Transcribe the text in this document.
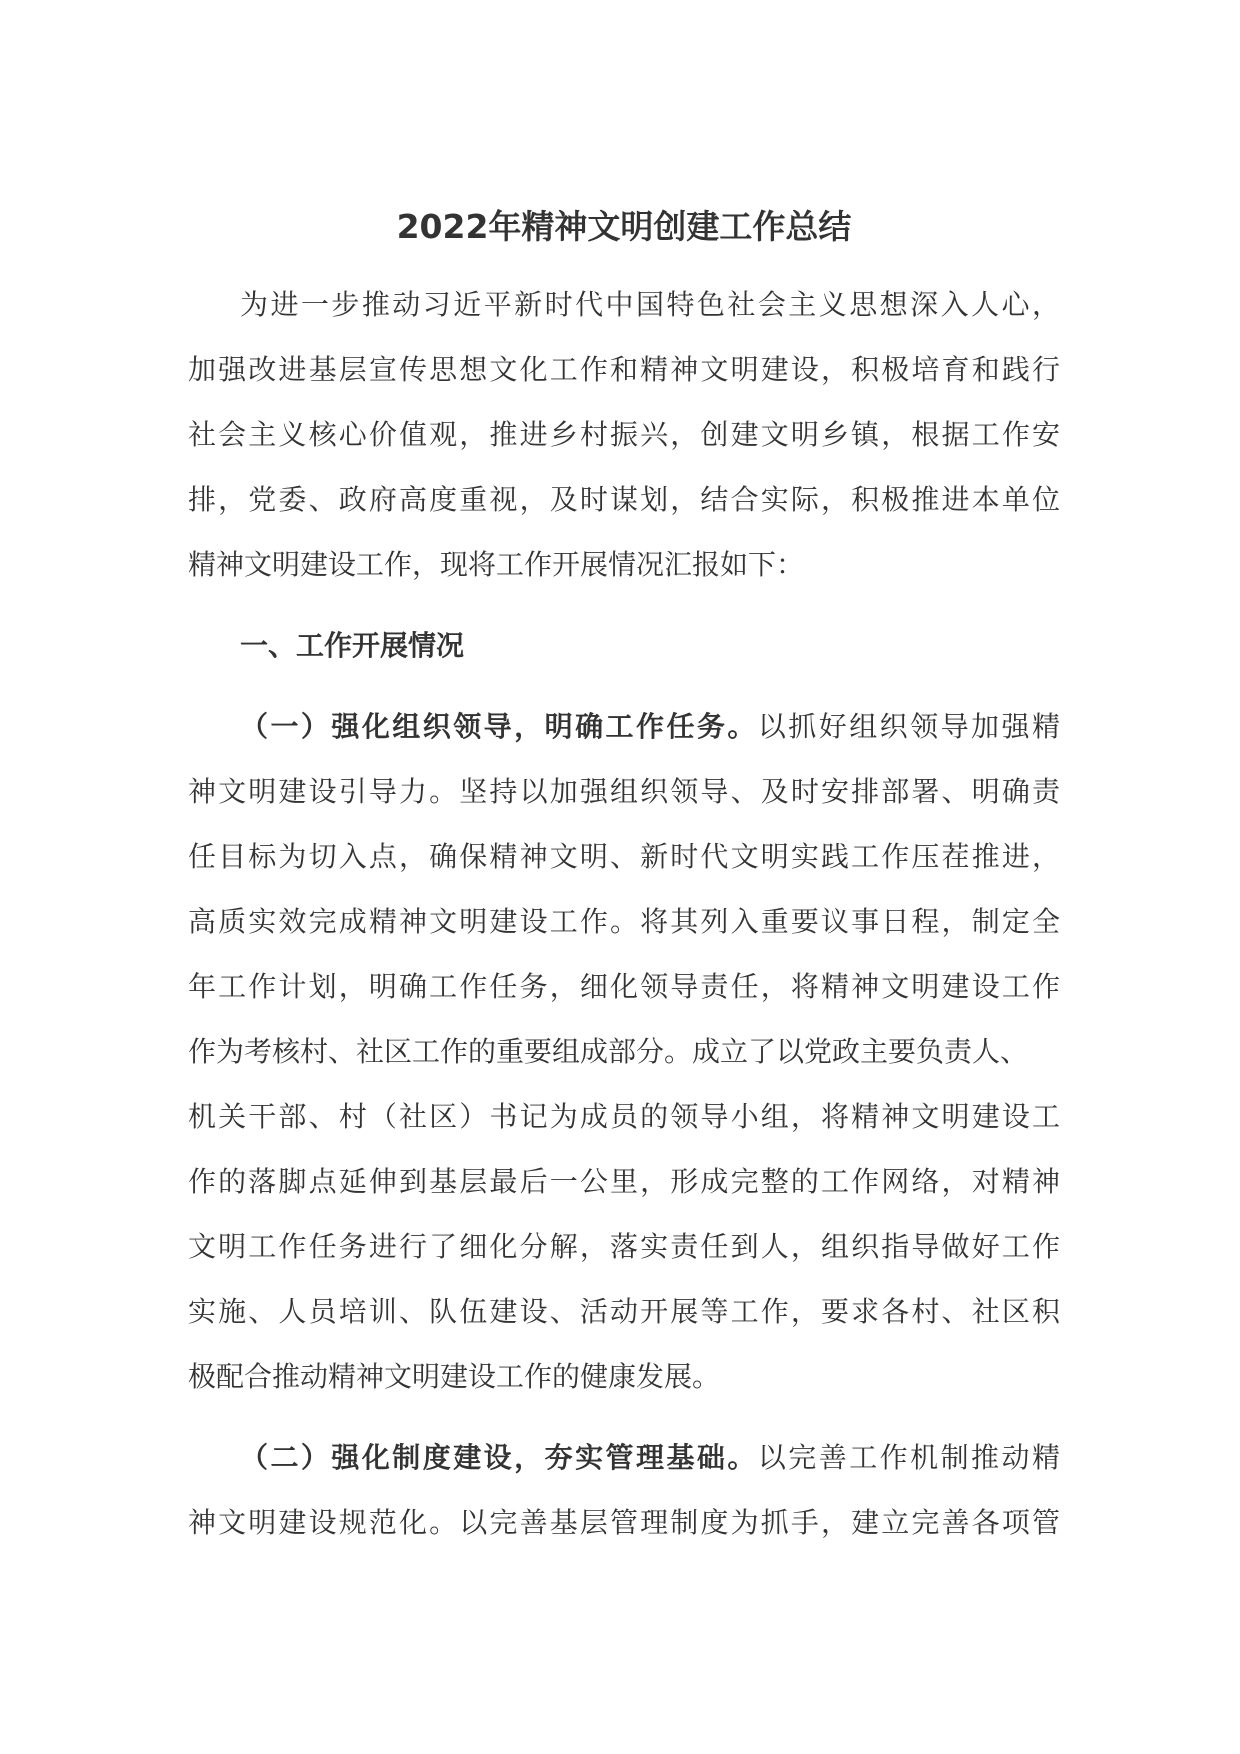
2022年精神文明创建工作总结
为进一步推动习近平新时代中国特色社会主义思想深入人心，
加强改进基层宣传思想文化工作和精神文明建设，积极培育和践行
社会主义核心价值观，推进乡村振兴，创建文明乡镇，根据工作安
排，党委、政府高度重视，及时谋划，结合实际，积极推进本单位
精神文明建设工作，现将工作开展情况汇报如下：
一、工作开展情况
（一）强化组织领导，明确工作任务。以抓好组织领导加强精
神文明建设引导力。坚持以加强组织领导、及时安排部署、明确责
任目标为切入点，确保精神文明、新时代文明实践工作压茬推进，
高质实效完成精神文明建设工作。将其列入重要议事日程，制定全
年工作计划，明确工作任务，细化领导责任，将精神文明建设工作
作为考核村、社区工作的重要组成部分。成立了以党政主要负责人、
机关干部、村（社区）书记为成员的领导小组，将精神文明建设工
作的落脚点延伸到基层最后一公里，形成完整的工作网络，对精神
文明工作任务进行了细化分解，落实责任到人，组织指导做好工作
实施、人员培训、队伍建设、活动开展等工作，要求各村、社区积
极配合推动精神文明建设工作的健康发展。
（二）强化制度建设，夯实管理基础。以完善工作机制推动精
神文明建设规范化。以完善基层管理制度为抓手，建立完善各项管
